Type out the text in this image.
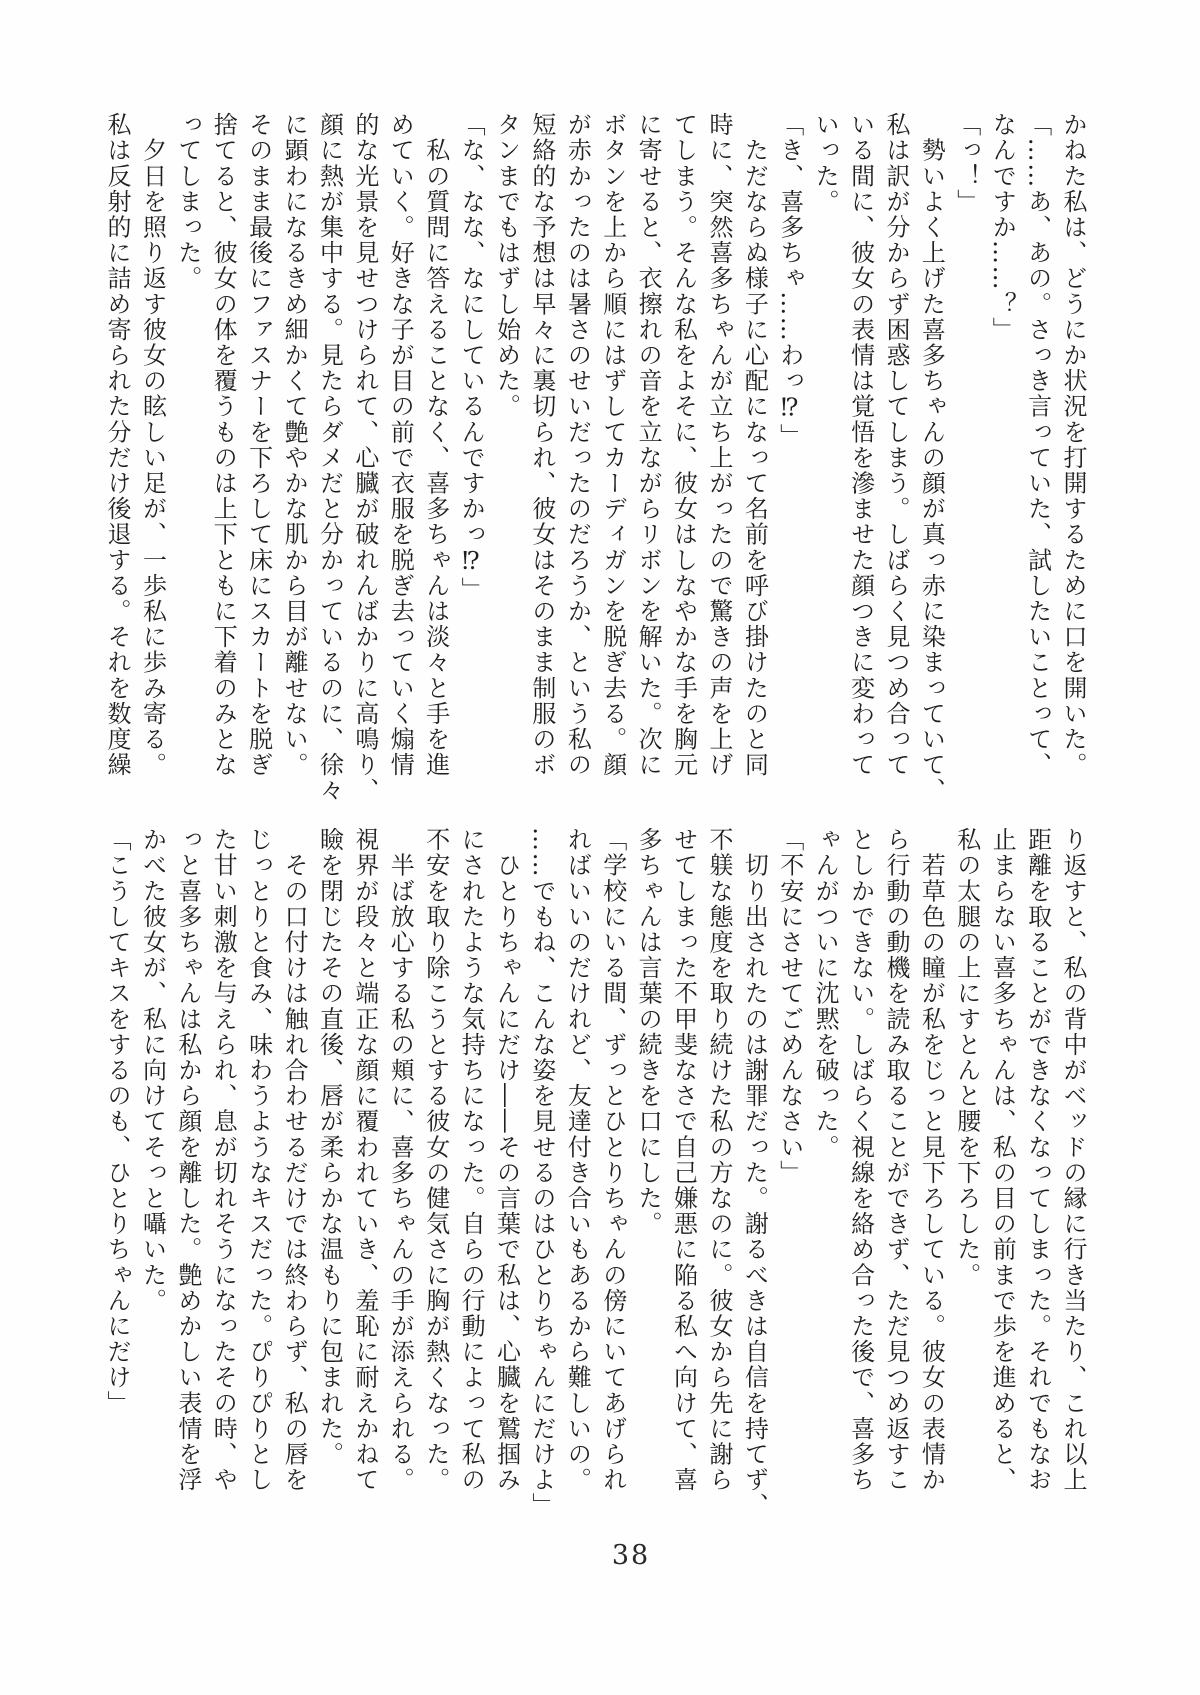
かねた私は、どうにか状況を打開するために口を開いた。

「……あ、あの。さっき言っていた、試したいことって、

なんですか……？」

「っ！」

　勢いよく上げた喜多ちゃんの顔が真っ赤に染まっていて、

私は訳が分からず困惑してしまう。しばらく見つめ合って

いる間に、彼女の表情は覚悟を滲ませた顔つきに変わって

いった。

「き、喜多ちゃ……わっ⁉」

　ただならぬ様子に心配になって名前を呼び掛けたのと同

時に、突然喜多ちゃんが立ち上がったので驚きの声を上げ

てしまう。そんな私をよそに、彼女はしなやかな手を胸元

に寄せると、衣擦れの音を立ながらリボンを解いた。次に

ボタンを上から順にはずしてカーディガンを脱ぎ去る。顔

が赤かったのは暑さのせいだったのだろうか、という私の

短絡的な予想は早々に裏切られ、彼女はそのまま制服のボ

タンまでもはずし始めた。

「な、なな、なにしているんですかっ⁉」

　私の質問に答えることなく、喜多ちゃんは淡々と手を進

めていく。好きな子が目の前で衣服を脱ぎ去っていく煽情

的な光景を見せつけられて、心臓が破れんばかりに高鳴り、

顔に熱が集中する。見たらダメだと分かっているのに、徐々

に顕わになるきめ細かくて艶やかな肌から目が離せない。

そのまま最後にファスナーを下ろして床にスカートを脱ぎ

捨てると、彼女の体を覆うものは上下ともに下着のみとな

ってしまった。

　夕日を照り返す彼女の眩しい足が、一歩私に歩み寄る。

私は反射的に詰め寄られた分だけ後退する。それを数度繰

り返すと、私の背中がベッドの縁に行き当たり、これ以上

距離を取ることができなくなってしまった。それでもなお

止まらない喜多ちゃんは、私の目の前まで歩を進めると、

私の太腿の上にすとんと腰を下ろした。

　若草色の瞳が私をじっと見下ろしている。彼女の表情か

ら行動の動機を読み取ることができず、ただ見つめ返すこ

としかできない。しばらく視線を絡め合った後で、喜多ち

ゃんがついに沈黙を破った。

「不安にさせてごめんなさい」

　切り出されたのは謝罪だった。謝るべきは自信を持てず、

不躾な態度を取り続けた私の方なのに。彼女から先に謝ら

せてしまった不甲斐なさで自己嫌悪に陥る私へ向けて、喜

多ちゃんは言葉の続きを口にした。

「学校にいる間、ずっとひとりちゃんの傍にいてあげられ

ればいいのだけれど、友達付き合いもあるから難しいの。

……でもね、こんな姿を見せるのはひとりちゃんにだけよ」

　ひとりちゃんにだけ――その言葉で私は、心臓を鷲掴み

にされたような気持ちになった。自らの行動によって私の

不安を取り除こうとする彼女の健気さに胸が熱くなった。

　半ば放心する私の頬に、喜多ちゃんの手が添えられる。

視界が段々と端正な顔に覆われていき、羞恥に耐えかねて

瞼を閉じたその直後、唇が柔らかな温もりに包まれた。

　その口付けは触れ合わせるだけでは終わらず、私の唇を

じっとりと食み、味わうようなキスだった。ぴりぴりとし

た甘い刺激を与えられ、息が切れそうになったその時、や

っと喜多ちゃんは私から顔を離した。艶めかしい表情を浮

かべた彼女が、私に向けてそっと囁いた。

「こうしてキスをするのも、ひとりちゃんにだけ」

38
